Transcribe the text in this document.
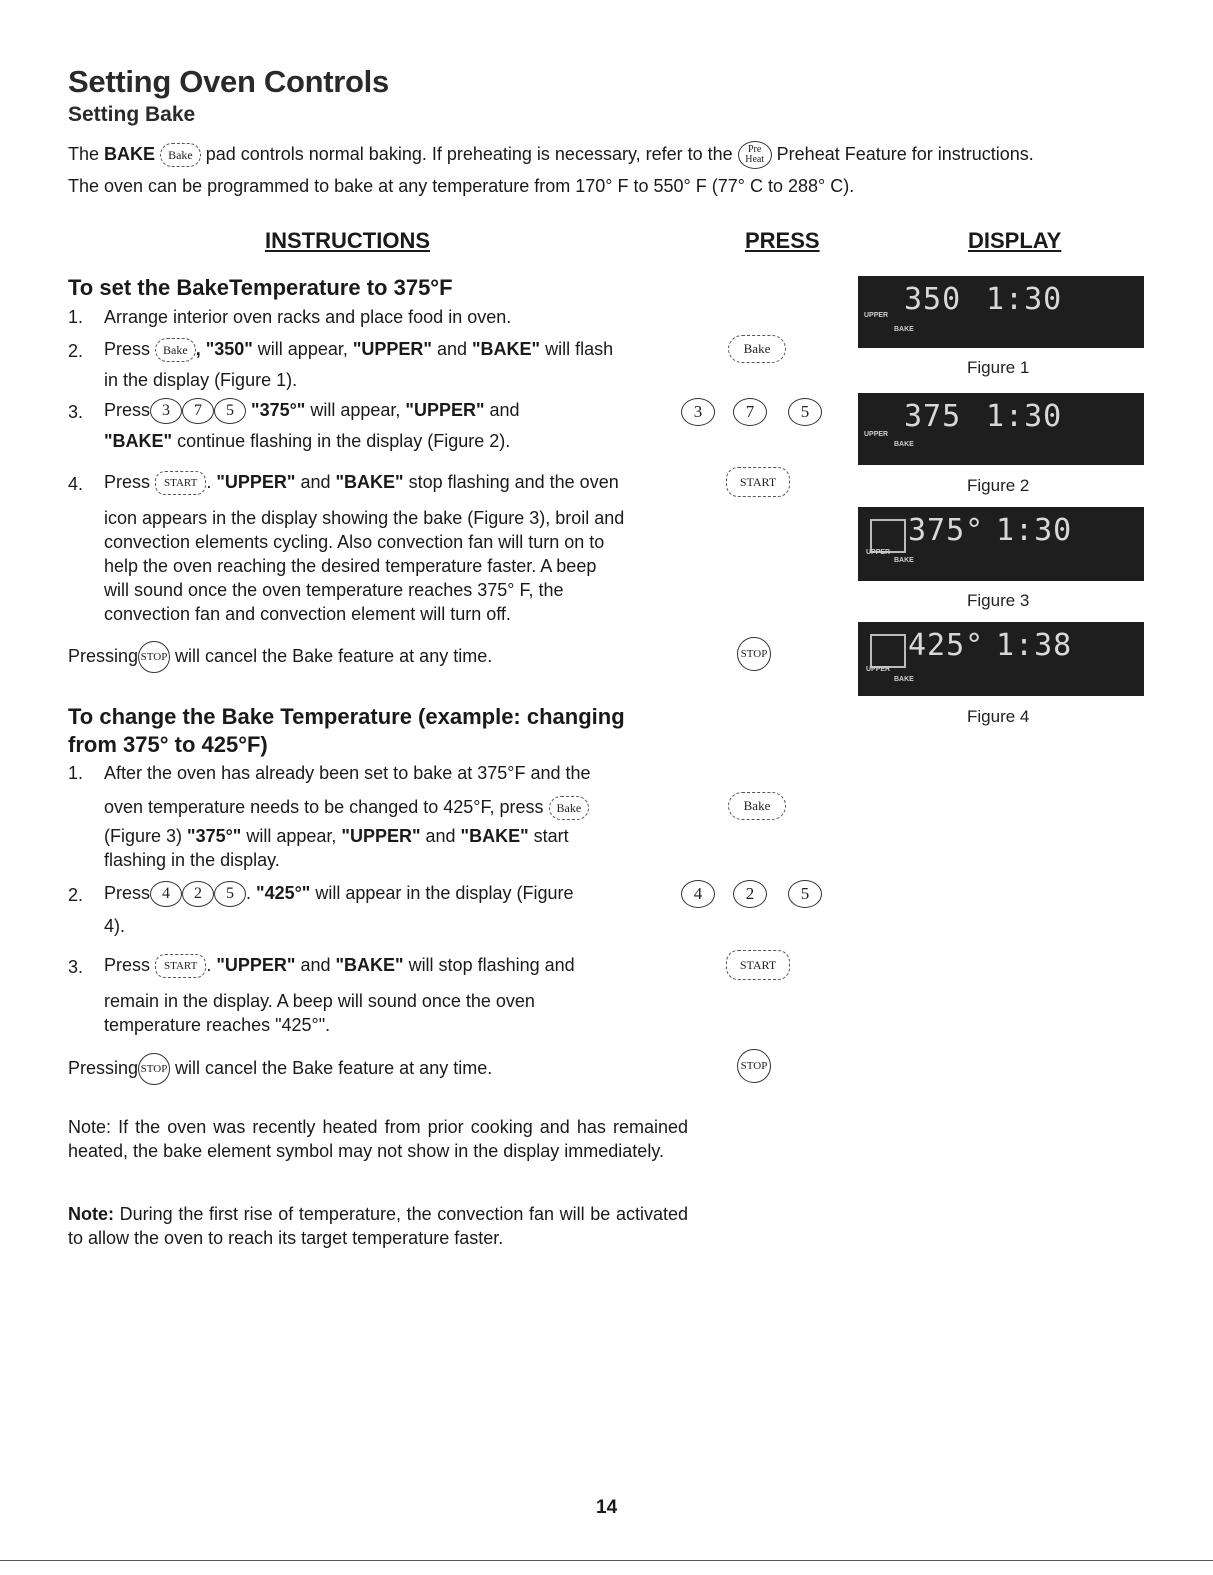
Setting Oven Controls
Setting Bake
The BAKE Bake pad controls normal baking. If preheating is necessary, refer to the Pre
Heat Preheat Feature for instructions.
The oven can be programmed to bake at any temperature from 170° F to 550° F (77° C to 288° C).
INSTRUCTIONS	PRESS	DISPLAY
To set the BakeTemperature to 375°F
1. Arrange interior oven racks and place food in oven.
2. Press Bake , "350" will appear, "UPPER" and "BAKE" will flash
in the display (Figure 1).
3. Press 3 7 5 "375°" will appear, "UPPER" and
"BAKE" continue flashing in the display (Figure 2).
4. Press START . "UPPER" and "BAKE" stop flashing and the oven
icon appears in the display showing the bake (Figure 3), broil and
convection elements cycling. Also convection fan will turn on to
help the oven reaching the desired temperature faster. A beep
will sound once the oven temperature reaches 375° F, the
convection fan and convection element will turn off.
Pressing STOP will cancel the Bake feature at any time.
To change the Bake Temperature (example: changing
from 375° to 425°F)
1. After the oven has already been set to bake at 375°F and the
oven temperature needs to be changed to 425°F, press Bake
(Figure 3) "375°" will appear, "UPPER" and "BAKE" start
flashing in the display.
2. Press 4 2 5 . "425°" will appear in the display (Figure
4).
3. Press START . "UPPER" and "BAKE" will stop flashing and
remain in the display. A beep will sound once the oven
temperature reaches "425°".
Pressing STOP will cancel the Bake feature at any time.
Note: If the oven was recently heated from prior cooking and has remained heated, the bake element symbol may not show in the display immediately.
Note: During the first rise of temperature, the convection fan will be activated to allow the oven to reach its target temperature faster.
Bake
3	7	5
START
STOP
Bake
4	2	5
START
STOP
350 1:30
UPPER
BAKE
Figure 1
375 1:30
UPPER
BAKE
Figure 2
375° 1:30
UPPER
BAKE
Figure 3
425° 1:38
UPPER
BAKE
Figure 4
14
